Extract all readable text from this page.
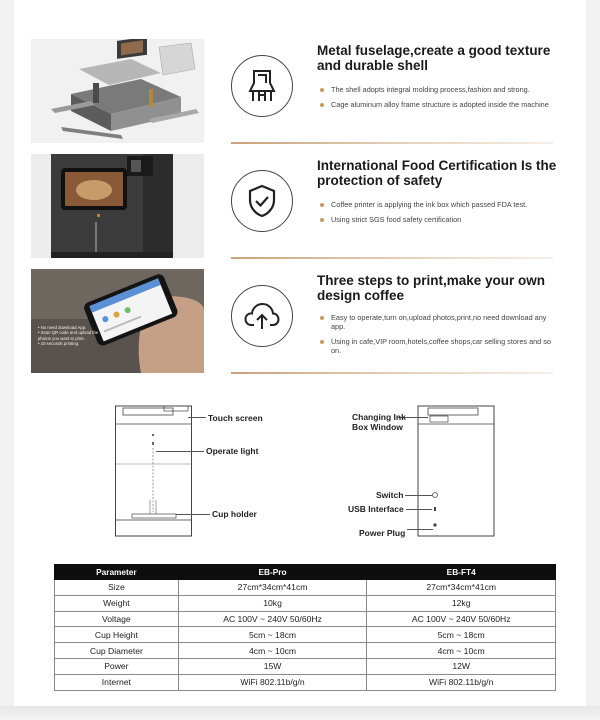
Metal fuselage,create a good texture and durable shell
The shell adopts integral molding process,fashion and strong.
Cage aluminum alloy frame structure is adopted inside the machine
International Food Certification Is the protection of safety
Coffee printer is applying the ink box which passed FDA test.
Using strict SGS food safety certification
• No need download App.
• Scan QR code and upload the
photos you want to print.
• 10 seconds printing.
Three steps to print,make your own design coffee
Easy to operate,turn on,upload photos,print,no need download any app.
Using in cafe,VIP room,hotels,coffee shops,car selling stores and so on.
Touch screen
Operate light
Cup holder
Changing Ink Box Window
Switch
USB Interface
Power Plug
Parameter	EB-Pro	EB-FT4
Size	27cm*34cm*41cm	27cm*34cm*41cm
Weight	10kg	12kg
Voltage	AC 100V ~ 240V 50/60Hz	AC 100V ~ 240V 50/60Hz
Cup Height	5cm ~ 18cm	5cm ~ 18cm
Cup Diameter	4cm ~ 10cm	4cm ~ 10cm
Power	15W	12W
Internet	WiFi 802.11b/g/n	WiFi 802.11b/g/n
